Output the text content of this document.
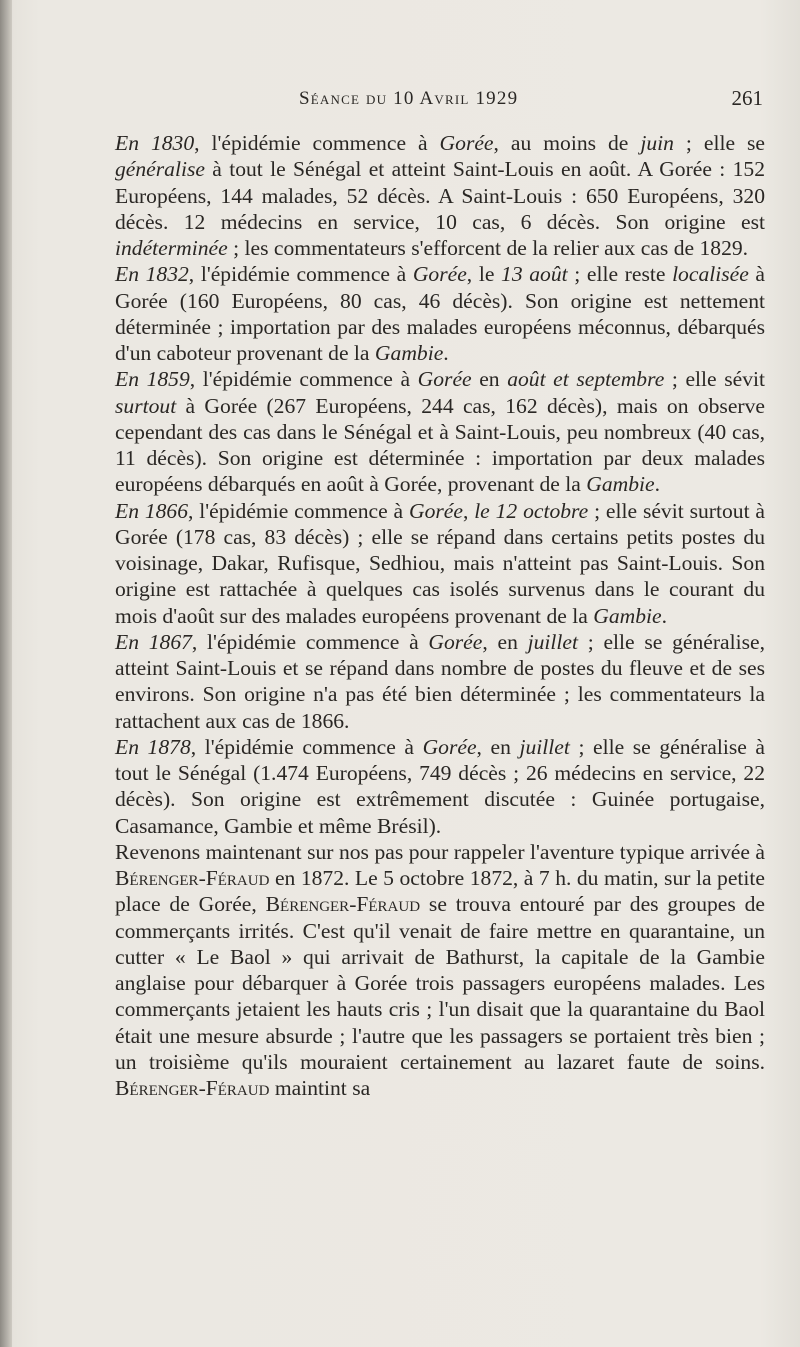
Séance du 10 Avril 1929	261

En 1830, l'épidémie commence à Gorée, au moins de juin ; elle se généralise à tout le Sénégal et atteint Saint-Louis en août. A Gorée : 152 Européens, 144 malades, 52 décès. A Saint-Louis : 650 Européens, 320 décès. 12 médecins en service, 10 cas, 6 décès. Son origine est indéterminée ; les commentateurs s'efforcent de la relier aux cas de 1829.

En 1832, l'épidémie commence à Gorée, le 13 août ; elle reste localisée à Gorée (160 Européens, 80 cas, 46 décès). Son origine est nettement déterminée ; importation par des malades européens méconnus, débarqués d'un caboteur provenant de la Gambie.

En 1859, l'épidémie commence à Gorée en août et septembre ; elle sévit surtout à Gorée (267 Européens, 244 cas, 162 décès), mais on observe cependant des cas dans le Sénégal et à Saint-Louis, peu nombreux (40 cas, 11 décès). Son origine est déterminée : importation par deux malades européens débarqués en août à Gorée, provenant de la Gambie.

En 1866, l'épidémie commence à Gorée, le 12 octobre ; elle sévit surtout à Gorée (178 cas, 83 décès) ; elle se répand dans certains petits postes du voisinage, Dakar, Rufisque, Sedhiou, mais n'atteint pas Saint-Louis. Son origine est rattachée à quelques cas isolés survenus dans le courant du mois d'août sur des malades européens provenant de la Gambie.

En 1867, l'épidémie commence à Gorée, en juillet ; elle se généralise, atteint Saint-Louis et se répand dans nombre de postes du fleuve et de ses environs. Son origine n'a pas été bien déterminée ; les commentateurs la rattachent aux cas de 1866.

En 1878, l'épidémie commence à Gorée, en juillet ; elle se généralise à tout le Sénégal (1.474 Européens, 749 décès ; 26 médecins en service, 22 décès). Son origine est extrêmement discutée : Guinée portugaise, Casamance, Gambie et même Brésil).

Revenons maintenant sur nos pas pour rappeler l'aventure typique arrivée à Bérenger-Féraud en 1872. Le 5 octobre 1872, à 7 h. du matin, sur la petite place de Gorée, Bérenger-Féraud se trouva entouré par des groupes de commerçants irrités. C'est qu'il venait de faire mettre en quarantaine, un cutter « Le Baol » qui arrivait de Bathurst, la capitale de la Gambie anglaise pour débarquer à Gorée trois passagers européens malades. Les commerçants jetaient les hauts cris ; l'un disait que la quarantaine du Baol était une mesure absurde ; l'autre que les passagers se portaient très bien ; un troisième qu'ils mouraient certainement au lazaret faute de soins. Bérenger-Féraud maintint sa
